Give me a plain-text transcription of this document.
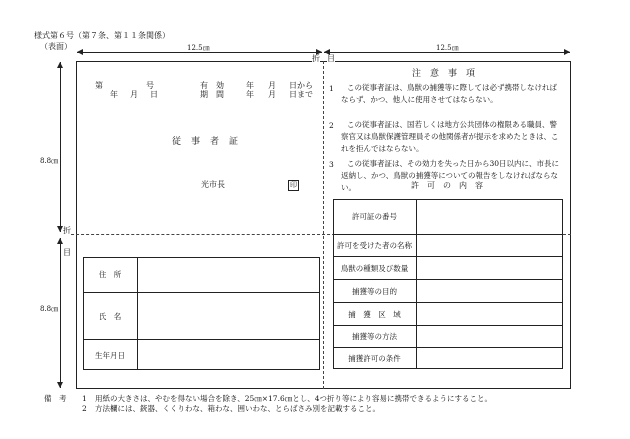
様式第６号（第７条、第１１条関係）
（表面）	12.5㎝	12.5㎝
8.8㎝
8.8㎝
折 目
折
目
第	号
年 月 日
有　効
期　間
年 月 日から
年 月 日まで
従　事　者　証
光市長	印
住　所
氏　名
生年月日
注　意　事　項
1	この従事者証は、鳥獣の捕獲等に際しては必ず携帯しなければならず、かつ、他人に使用させてはならない。
2	この従事者証は、国若しくは地方公共団体の権限ある職員、警察官又は鳥獣保護管理員その他関係者が提示を求めたときは、これを拒んではならない。
3	この従事者証は、その効力を失った日から30日以内に、市長に返納し、かつ、鳥獣の捕獲等についての報告をしなければならない。	許　可　の　内　容
許可証の番号
許可を受けた者の名称
鳥獣の種類及び数量
捕獲等の目的
捕　獲　区　域
捕獲等の方法
捕獲許可の条件
備　考 1 用紙の大きさは、やむを得ない場合を除き、25㎝×17.6㎝とし、4つ折り等により容易に携帯できるようにすること。
2 方法欄には、銃器、くくりわな、箱わな、囲いわな、とらばさみ別を記載すること。
